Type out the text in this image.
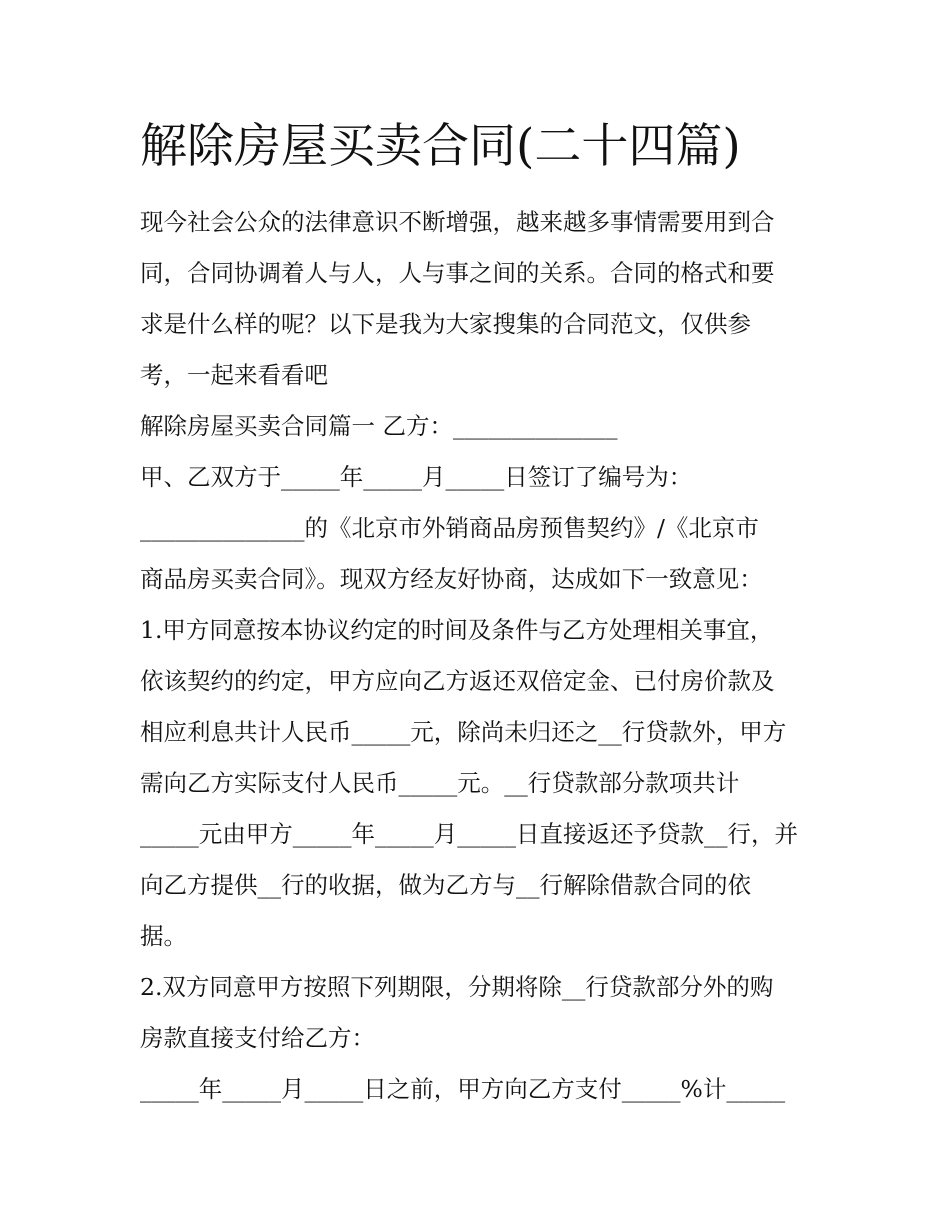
解除房屋买卖合同(二十四篇)
现今社会公众的法律意识不断增强，越来越多事情需要用到合
同，合同协调着人与人，人与事之间的关系。合同的格式和要
求是什么样的呢？以下是我为大家搜集的合同范文，仅供参
考，一起来看看吧
解除房屋买卖合同篇一 乙方：______________
甲、乙双方于_____年_____月_____日签订了编号为：
______________的《北京市外销商品房预售契约》/《北京市
商品房买卖合同》。现双方经友好协商，达成如下一致意见：
1.甲方同意按本协议约定的时间及条件与乙方处理相关事宜，
依该契约的约定，甲方应向乙方返还双倍定金、已付房价款及
相应利息共计人民币_____元，除尚未归还之__行贷款外，甲方
需向乙方实际支付人民币_____元。__行贷款部分款项共计
_____元由甲方_____年_____月_____日直接返还予贷款__行，并
向乙方提供__行的收据，做为乙方与__行解除借款合同的依
据。
2.双方同意甲方按照下列期限，分期将除__行贷款部分外的购
房款直接支付给乙方：
_____年_____月_____日之前，甲方向乙方支付_____%计_____
